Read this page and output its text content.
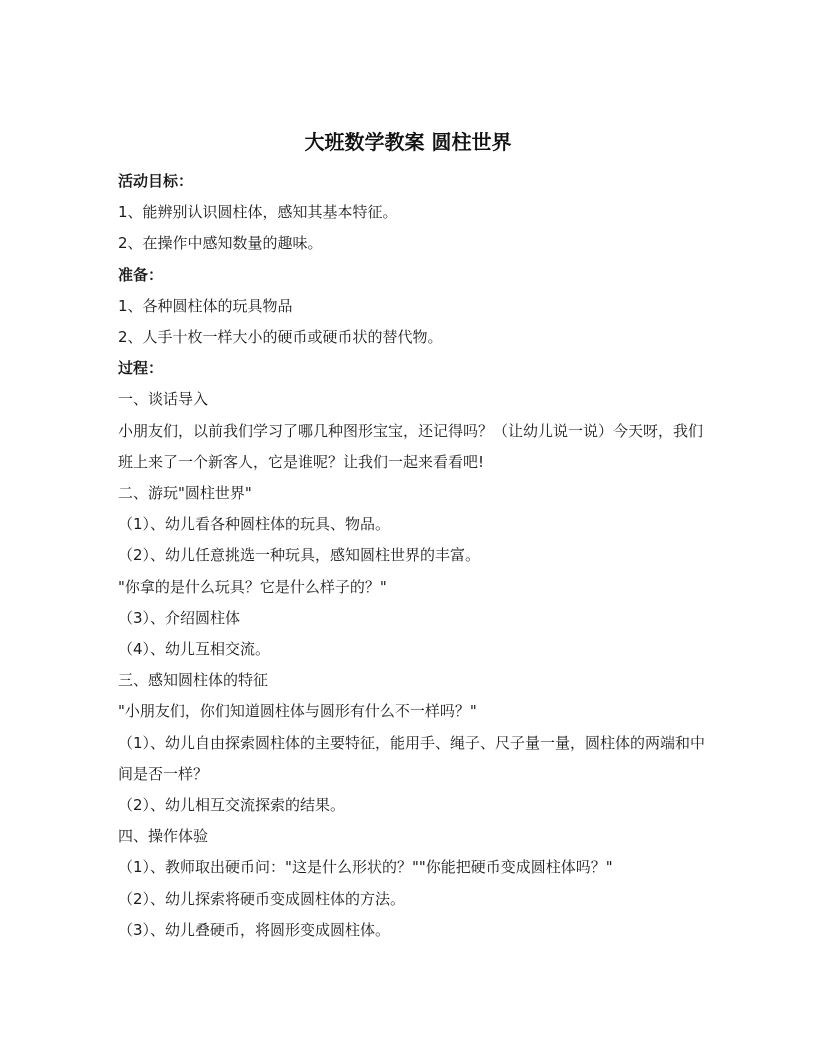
大班数学教案 圆柱世界

活动目标：

1、能辨别认识圆柱体，感知其基本特征。

2、在操作中感知数量的趣味。

准备：

1、各种圆柱体的玩具物品

2、人手十枚一样大小的硬币或硬币状的替代物。

过程：

一、谈话导入

小朋友们，以前我们学习了哪几种图形宝宝，还记得吗？（让幼儿说一说）今天呀，我们班上来了一个新客人，它是谁呢？让我们一起来看看吧!

二、游玩"圆柱世界"

（1）、幼儿看各种圆柱体的玩具、物品。

（2）、幼儿任意挑选一种玩具，感知圆柱世界的丰富。

"你拿的是什么玩具？它是什么样子的？"

（3）、介绍圆柱体

（4）、幼儿互相交流。

三、感知圆柱体的特征

"小朋友们，你们知道圆柱体与圆形有什么不一样吗？"

（1）、幼儿自由探索圆柱体的主要特征，能用手、绳子、尺子量一量，圆柱体的两端和中间是否一样？

（2）、幼儿相互交流探索的结果。

四、操作体验

（1）、教师取出硬币问："这是什么形状的？""你能把硬币变成圆柱体吗？"

（2）、幼儿探索将硬币变成圆柱体的方法。

（3）、幼儿叠硬币，将圆形变成圆柱体。
